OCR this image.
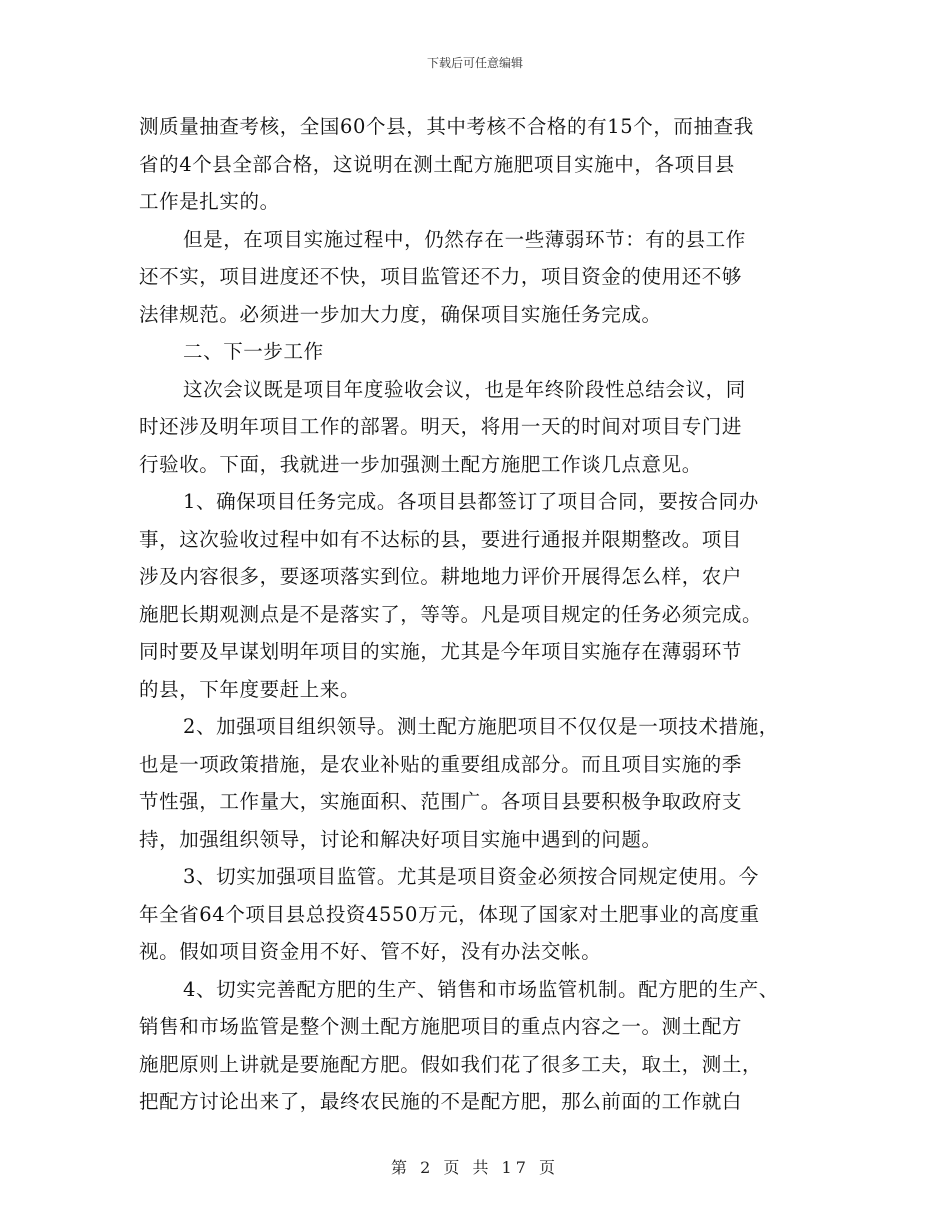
下载后可任意编辑
测质量抽查考核，全国60个县，其中考核不合格的有15个，而抽查我
省的4个县全部合格，这说明在测土配方施肥项目实施中，各项目县
工作是扎实的。
但是，在项目实施过程中，仍然存在一些薄弱环节：有的县工作
还不实，项目进度还不快，项目监管还不力，项目资金的使用还不够
法律规范。必须进一步加大力度，确保项目实施任务完成。
二、下一步工作
这次会议既是项目年度验收会议，也是年终阶段性总结会议，同
时还涉及明年项目工作的部署。明天，将用一天的时间对项目专门进
行验收。下面，我就进一步加强测土配方施肥工作谈几点意见。
1、确保项目任务完成。各项目县都签订了项目合同，要按合同办
事，这次验收过程中如有不达标的县，要进行通报并限期整改。项目
涉及内容很多，要逐项落实到位。耕地地力评价开展得怎么样，农户
施肥长期观测点是不是落实了，等等。凡是项目规定的任务必须完成。
同时要及早谋划明年项目的实施，尤其是今年项目实施存在薄弱环节
的县，下年度要赶上来。
2、加强项目组织领导。测土配方施肥项目不仅仅是一项技术措施，
也是一项政策措施，是农业补贴的重要组成部分。而且项目实施的季
节性强，工作量大，实施面积、范围广。各项目县要积极争取政府支
持，加强组织领导，讨论和解决好项目实施中遇到的问题。
3、切实加强项目监管。尤其是项目资金必须按合同规定使用。今
年全省64个项目县总投资4550万元，体现了国家对土肥事业的高度重
视。假如项目资金用不好、管不好，没有办法交帐。
4、切实完善配方肥的生产、销售和市场监管机制。配方肥的生产、
销售和市场监管是整个测土配方施肥项目的重点内容之一。测土配方
施肥原则上讲就是要施配方肥。假如我们花了很多工夫，取土，测土，
把配方讨论出来了，最终农民施的不是配方肥，那么前面的工作就白
第 2 页 共 17 页
